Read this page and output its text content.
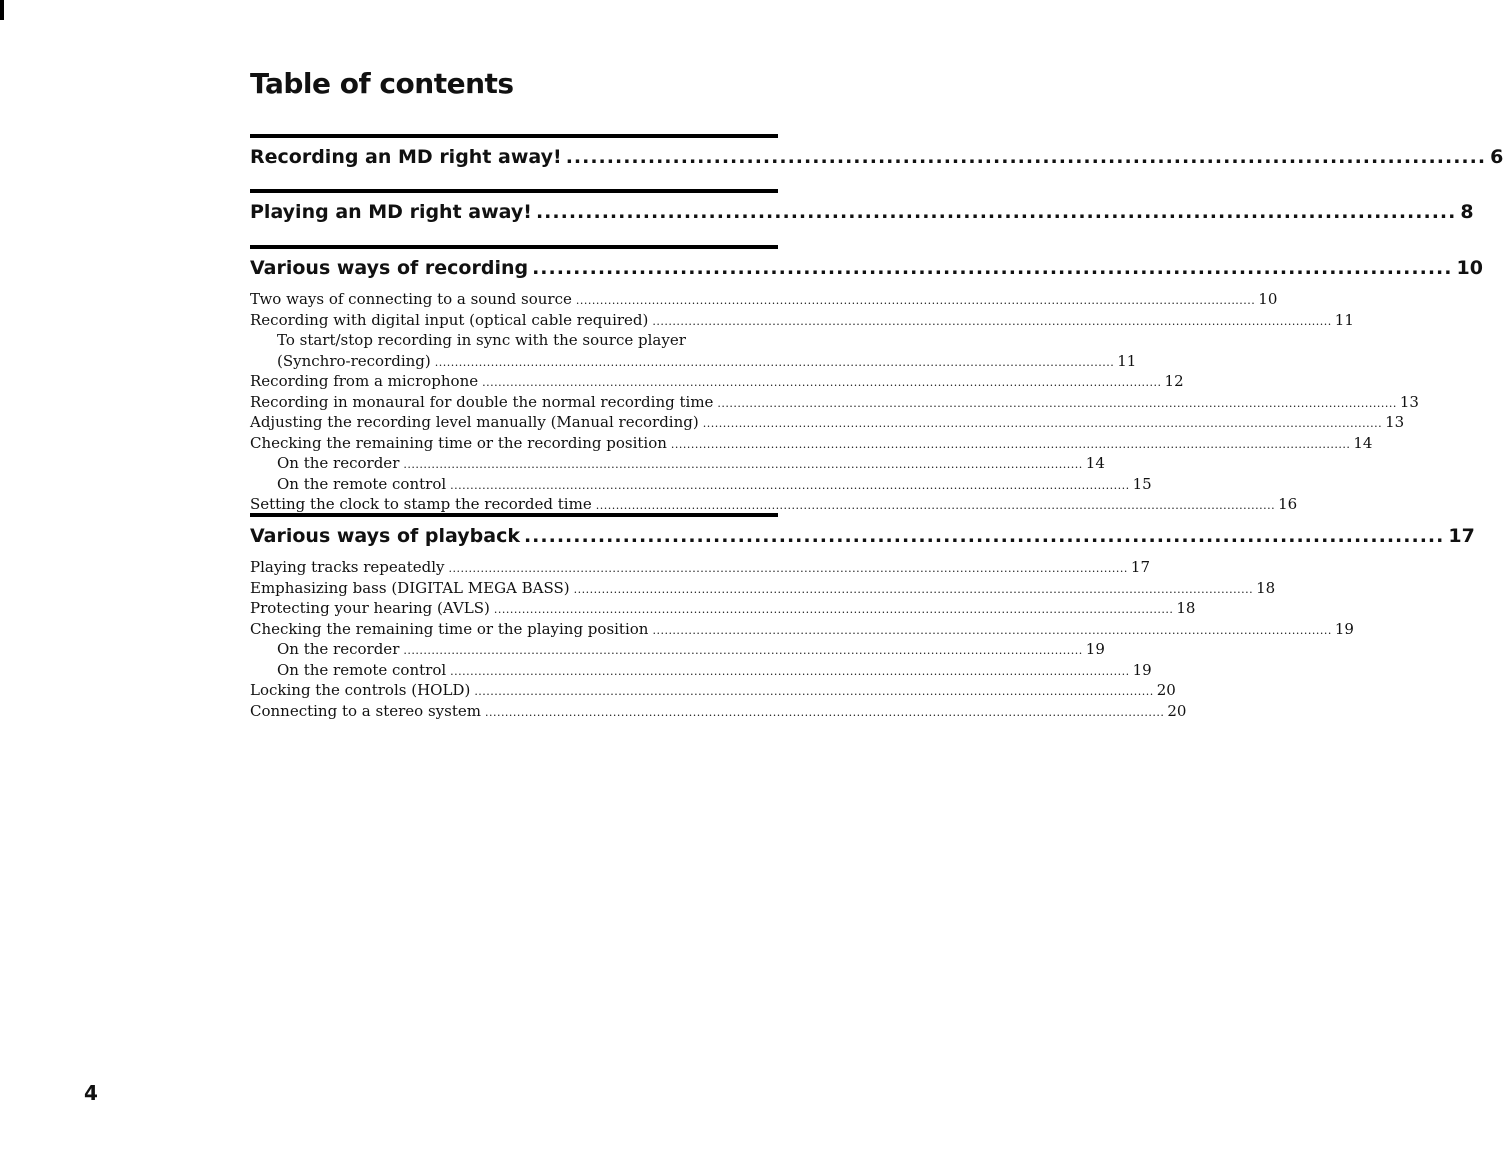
Table of contents
Recording an MD right away! ................................................................................................................ 6
Playing an MD right away! ................................................................................................................ 8
Various ways of recording ................................................................................................................ 10
Two ways of connecting to a sound source .......................................................................................................................................................................... 10
Recording with digital input (optical cable required) .......................................................................................................................................................................... 11
To start/stop recording in sync with the source player
(Synchro-recording) .......................................................................................................................................................................... 11
Recording from a microphone .......................................................................................................................................................................... 12
Recording in monaural for double the normal recording time .......................................................................................................................................................................... 13
Adjusting the recording level manually (Manual recording) .......................................................................................................................................................................... 13
Checking the remaining time or the recording position .......................................................................................................................................................................... 14
On the recorder .......................................................................................................................................................................... 14
On the remote control .......................................................................................................................................................................... 15
Setting the clock to stamp the recorded time .......................................................................................................................................................................... 16
Various ways of playback ................................................................................................................ 17
Playing tracks repeatedly .......................................................................................................................................................................... 17
Emphasizing bass (DIGITAL MEGA BASS) .......................................................................................................................................................................... 18
Protecting your hearing (AVLS) .......................................................................................................................................................................... 18
Checking the remaining time or the playing position .......................................................................................................................................................................... 19
On the recorder .......................................................................................................................................................................... 19
On the remote control .......................................................................................................................................................................... 19
Locking the controls (HOLD) .......................................................................................................................................................................... 20
Connecting to a stereo system .......................................................................................................................................................................... 20
4
